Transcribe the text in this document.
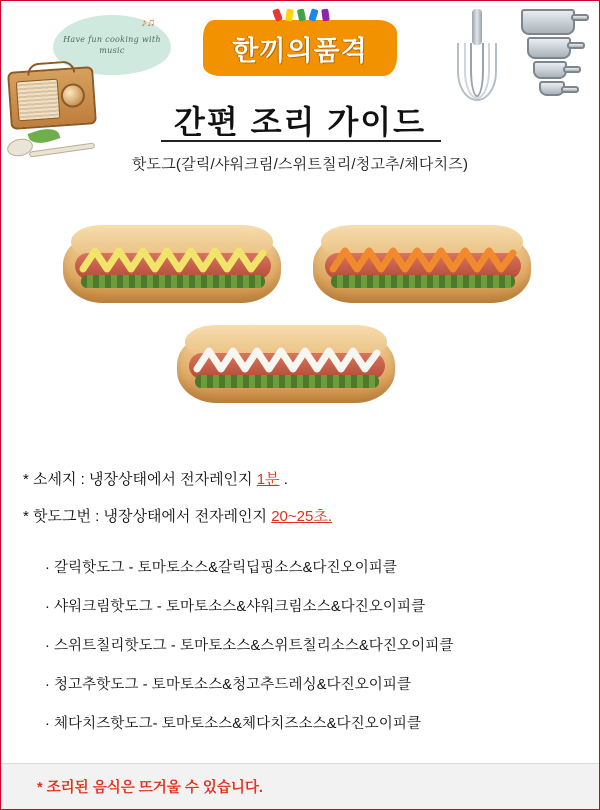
♪♫
Have fun cooking with music	한끼의품격
간편 조리 가이드
핫도그(갈릭/샤워크림/스위트칠리/청고추/체다치즈)
* 소세지 : 냉장상태에서 전자레인지 1분 .
* 핫도그번 : 냉장상태에서 전자레인지 20~25초.
· 갈릭핫도그 - 토마토소스&갈릭딥핑소스&다진오이피클
· 샤워크림핫도그 - 토마토소스&샤워크림소스&다진오이피클
· 스위트칠리핫도그 - 토마토소스&스위트칠리소스&다진오이피클
· 청고추핫도그 - 토마토소스&청고추드레싱&다진오이피클
· 체다치즈핫도그- 토마토소스&체다치즈소스&다진오이피클
* 조리된 음식은 뜨거울 수 있습니다.
